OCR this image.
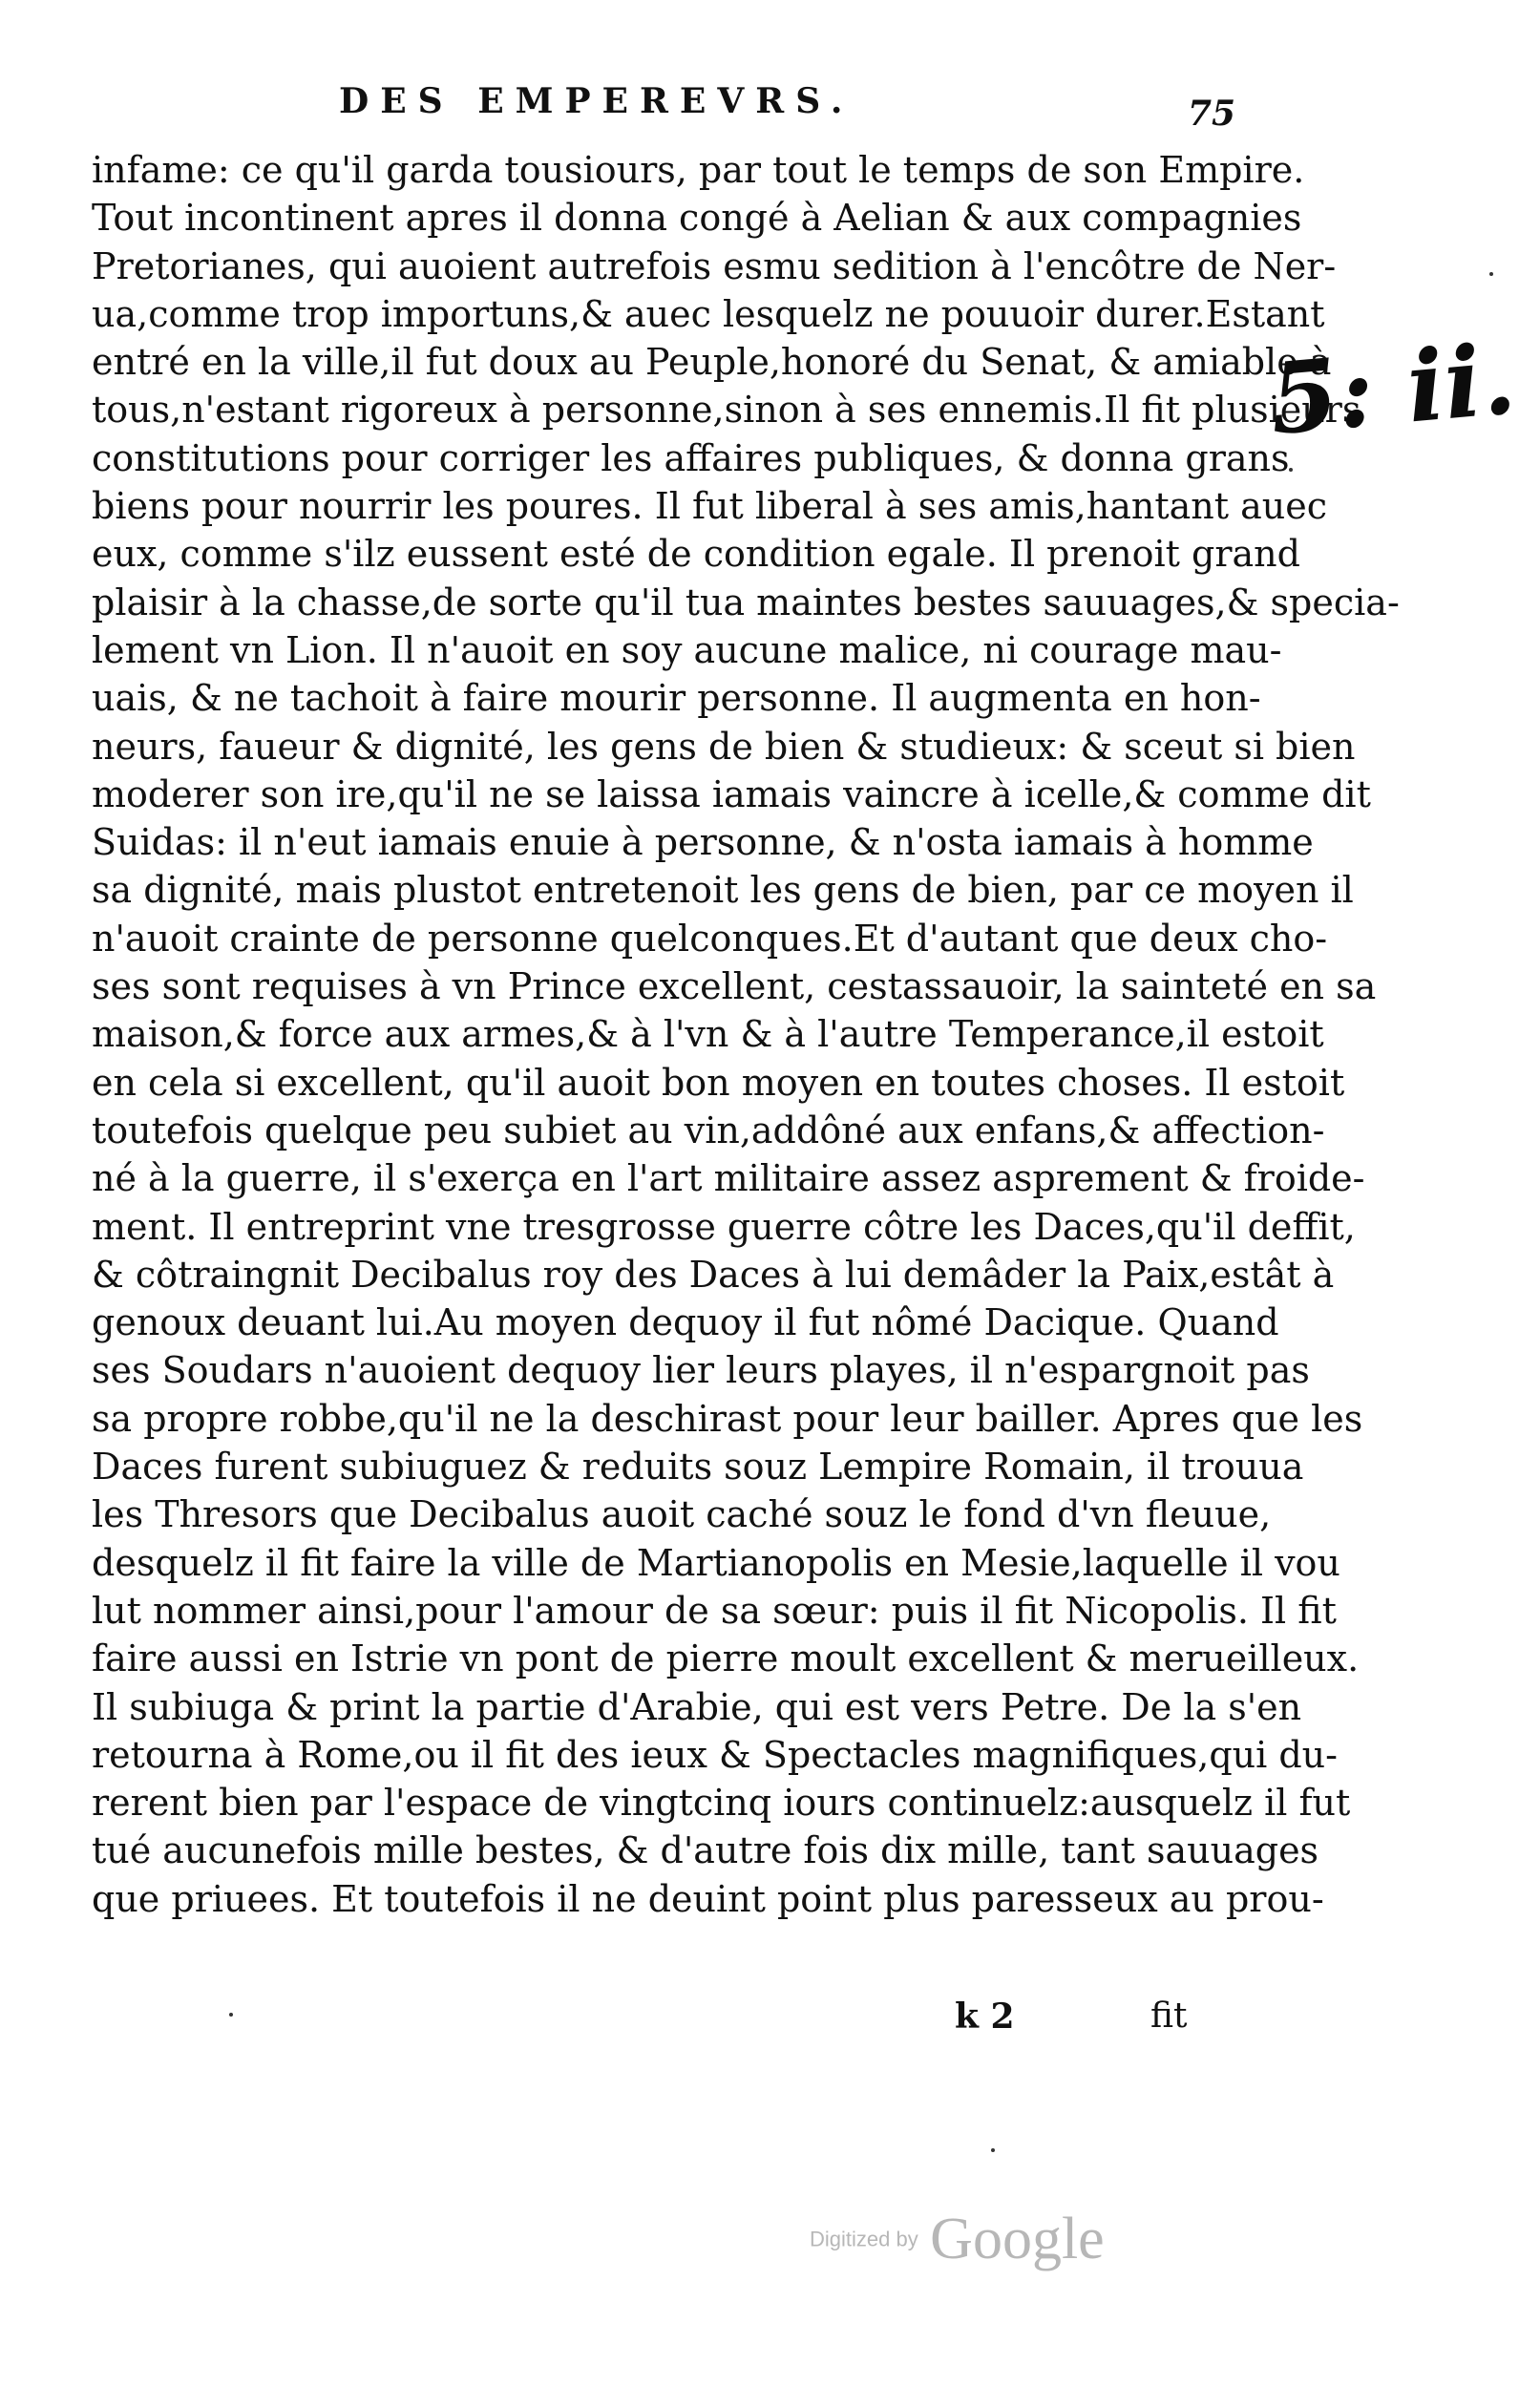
DES EMPEREVRS.	75
infame: ce qu'il garda tousiours, par tout le temps de son Empire.
Tout incontinent apres il donna congé à Aelian & aux compagnies
Pretorianes, qui auoient autrefois esmu sedition à l'encôtre de Ner-
ua,comme trop importuns,& auec lesquelz ne pouuoir durer.Estant
entré en la ville,il fut doux au Peuple,honoré du Senat, & amiable à
tous,n'estant rigoreux à personne,sinon à ses ennemis.Il fit plusieurs
constitutions pour corriger les affaires publiques, & donna grans
biens pour nourrir les poures. Il fut liberal à ses amis,hantant auec
eux, comme s'ilz eussent esté de condition egale. Il prenoit grand
plaisir à la chasse,de sorte qu'il tua maintes bestes sauuages,& specia-
lement vn Lion. Il n'auoit en soy aucune malice, ni courage mau-
uais, & ne tachoit à faire mourir personne. Il augmenta en hon-
neurs, faueur & dignité, les gens de bien & studieux: & sceut si bien
moderer son ire,qu'il ne se laissa iamais vaincre à icelle,& comme dit
Suidas: il n'eut iamais enuie à personne, & n'osta iamais à homme
sa dignité, mais plustot entretenoit les gens de bien, par ce moyen il
n'auoit crainte de personne quelconques.Et d'autant que deux cho-
ses sont requises à vn Prince excellent, cestassauoir, la sainteté en sa
maison,& force aux armes,& à l'vn & à l'autre Temperance,il estoit
en cela si excellent, qu'il auoit bon moyen en toutes choses. Il estoit
toutefois quelque peu subiet au vin,addôné aux enfans,& affection-
né à la guerre, il s'exerça en l'art militaire assez asprement & froide-
ment. Il entreprint vne tresgrosse guerre côtre les Daces,qu'il deffit,
& côtraingnit Decibalus roy des Daces à lui demâder la Paix,estât à
genoux deuant lui.Au moyen dequoy il fut nômé Dacique. Quand
ses Soudars n'auoient dequoy lier leurs playes, il n'espargnoit pas
sa propre robbe,qu'il ne la deschirast pour leur bailler. Apres que les
Daces furent subiuguez & reduits souz Lempire Romain, il trouua
les Thresors que Decibalus auoit caché souz le fond d'vn fleuue,
desquelz il fit faire la ville de Martianopolis en Mesie,laquelle il vou
lut nommer ainsi,pour l'amour de sa sœur: puis il fit Nicopolis. Il fit
faire aussi en Istrie vn pont de pierre moult excellent & merueilleux.
Il subiuga & print la partie d'Arabie, qui est vers Petre. De la s'en
retourna à Rome,ou il fit des ieux & Spectacles magnifiques,qui du-
rerent bien par l'espace de vingtcinq iours continuelz:ausquelz il fut
tué aucunefois mille bestes, & d'autre fois dix mille, tant sauuages
que priuees. Et toutefois il ne deuint point plus paresseux au prou-
k 2	fit
5: ii.
Digitized by Google
